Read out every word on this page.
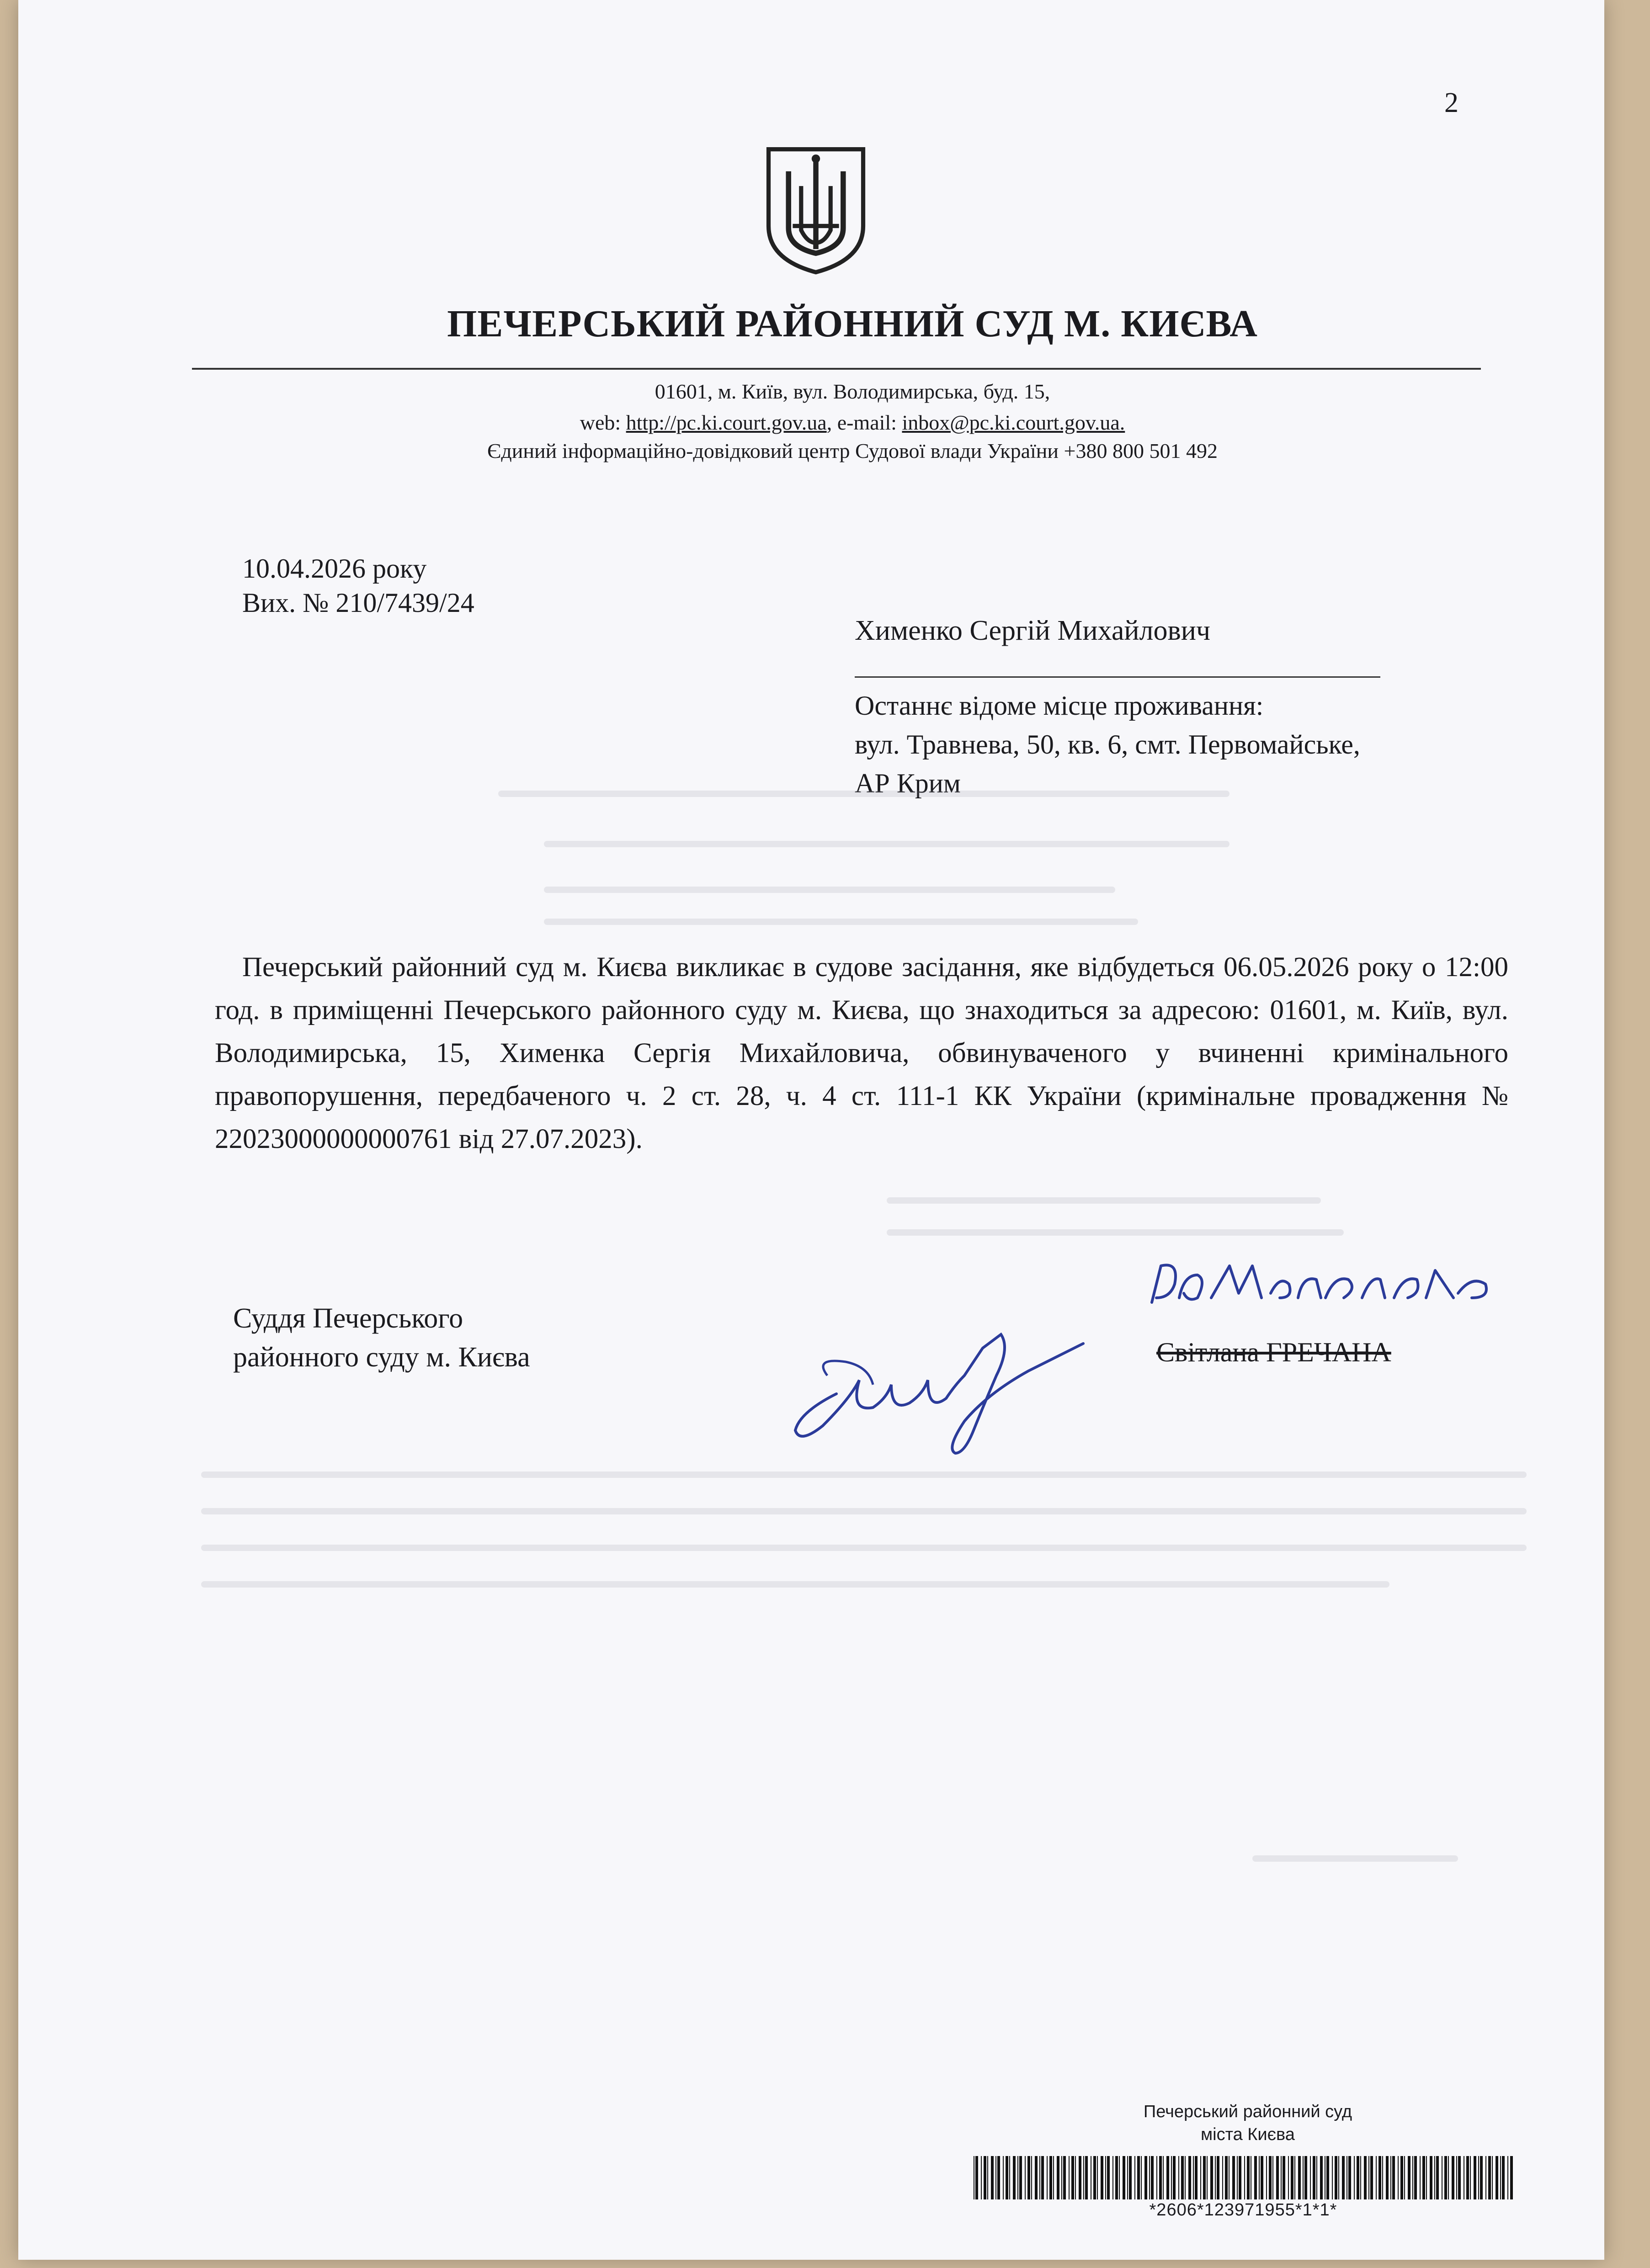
2
ПЕЧЕРСЬКИЙ РАЙОННИЙ СУД М. КИЄВА
01601, м. Київ, вул. Володимирська, буд. 15,
web: http://pc.ki.court.gov.ua, e-mail: inbox@pc.ki.court.gov.ua.
Єдиний інформаційно-довідковий центр Судової влади України +380 800 501 492
10.04.2026 року
Вих. № 210/7439/24
Хименко Сергій Михайлович
Останнє відоме місце проживання:
вул. Травнева, 50, кв. 6, смт. Первомайське,
АР Крим

Печерський районний суд м. Києва викликає в судове засідання, яке відбудеться 06.05.2026 року о 12:00 год. в приміщенні Печерського районного суду м. Києва, що знаходиться за адресою: 01601, м. Київ, вул. Володимирська, 15, Хименка Сергія Михайловича, обвинуваченого у вчиненні кримінального правопорушення, передбаченого ч. 2 ст. 28, ч. 4 ст. 111-1 КК України (кримінальне провадження № 22023000000000761 від 27.07.2023).

Суддя Печерського
районного суду м. Києва	Світлана ГРЕЧАНА
Печерський районний суд
міста Києва
*2606*123971955*1*1*
